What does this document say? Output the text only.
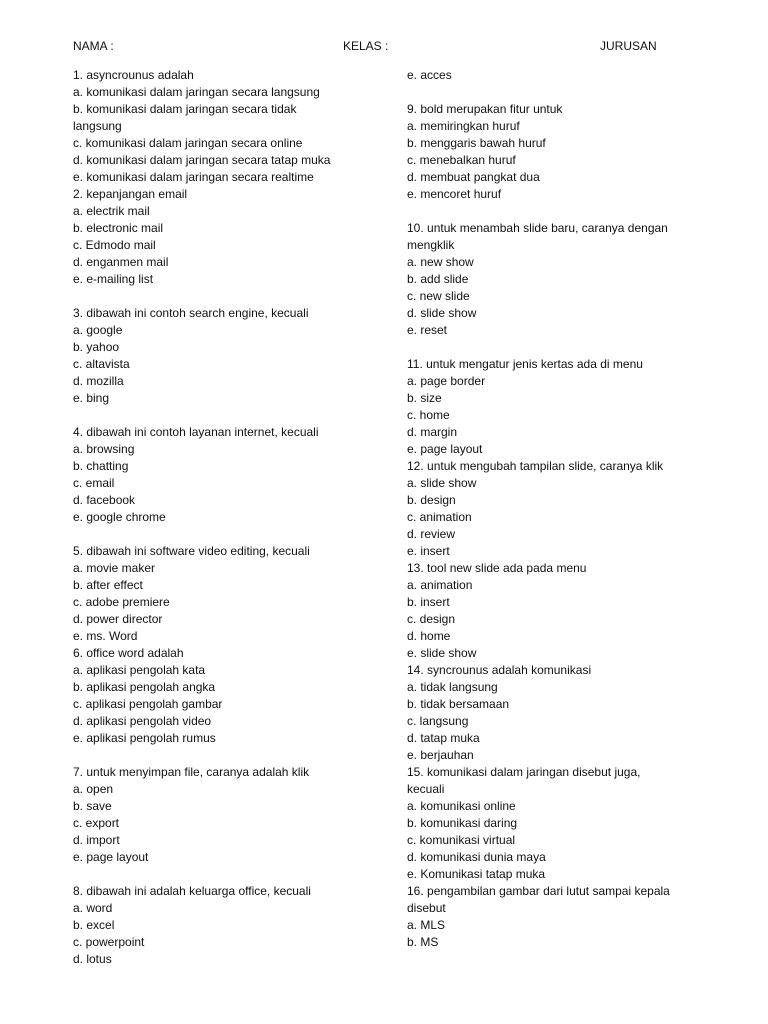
NAMA :	KELAS :	JURUSAN
1. asyncrounus adalah
a. komunikasi dalam jaringan secara langsung
b. komunikasi dalam jaringan secara tidak
langsung
c. komunikasi dalam jaringan secara online
d. komunikasi dalam jaringan secara tatap muka
e. komunikasi dalam jaringan secara realtime
2. kepanjangan email
a. electrik mail
b. electronic mail
c. Edmodo mail
d. enganmen mail
e. e-mailing list
3. dibawah ini contoh search engine, kecuali
a. google
b. yahoo
c. altavista
d. mozilla
e. bing
4. dibawah ini contoh layanan internet, kecuali
a. browsing
b. chatting
c. email
d. facebook
e. google chrome
5. dibawah ini software video editing, kecuali
a. movie maker
b. after effect
c. adobe premiere
d. power director
e. ms. Word
6. office word adalah
a. aplikasi pengolah kata
b. aplikasi pengolah angka
c. aplikasi pengolah gambar
d. aplikasi pengolah video
e. aplikasi pengolah rumus
7. untuk menyimpan file, caranya adalah klik
a. open
b. save
c. export
d. import
e. page layout
8. dibawah ini adalah keluarga office, kecuali
a. word
b. excel
c. powerpoint
d. lotus
e. acces
9. bold merupakan fitur untuk
a. memiringkan huruf
b. menggaris bawah huruf
c. menebalkan huruf
d. membuat pangkat dua
e. mencoret huruf
10. untuk menambah slide baru, caranya dengan
mengklik
a. new show
b. add slide
c. new slide
d. slide show
e. reset
11. untuk mengatur jenis kertas ada di menu
a. page border
b. size
c. home
d. margin
e. page layout
12. untuk mengubah tampilan slide, caranya klik
a. slide show
b. design
c. animation
d. review
e. insert
13. tool new slide ada pada menu
a. animation
b. insert
c. design
d. home
e. slide show
14. syncrounus adalah komunikasi
a. tidak langsung
b. tidak bersamaan
c. langsung
d. tatap muka
e. berjauhan
15. komunikasi dalam jaringan disebut juga,
kecuali
a. komunikasi online
b. komunikasi daring
c. komunikasi virtual
d. komunikasi dunia maya
e. Komunikasi tatap muka
16. pengambilan gambar dari lutut sampai kepala
disebut
a. MLS
b. MS
